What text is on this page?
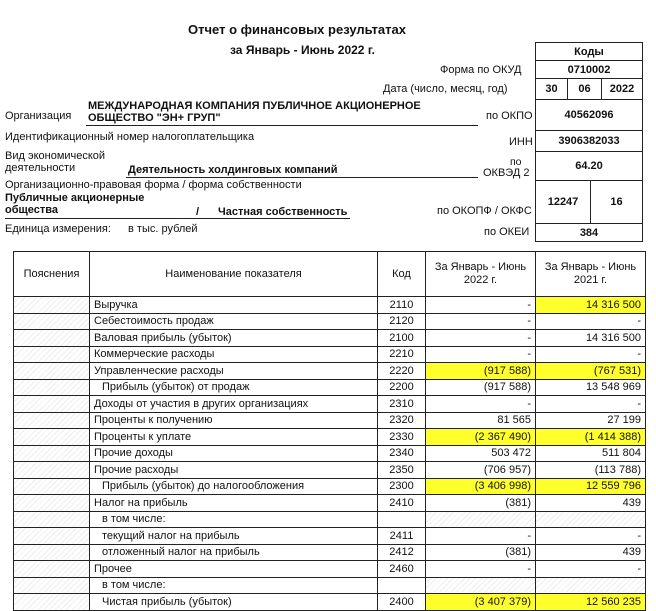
Отчет о финансовых результатах
за Январь - Июнь 2022 г.	Коды
Форма по ОКУД	0710002
Дата (число, месяц, год)	30	06	2022
по ОКПО	40562096
ИНН	3906382033
по
ОКВЭД 2
64.20
по ОКОПФ / ОКФС
12247	16
по ОКЕИ	384
Организация
МЕЖДУНАРОДНАЯ КОМПАНИЯ ПУБЛИЧНОЕ АКЦИОНЕРНОЕ
ОБЩЕСТВО "ЭН+ ГРУП"
Идентификационный номер налогоплательщика
Вид экономической
деятельности	Деятельность холдинговых компаний
Организационно-правовая форма / форма собственности
Публичные акционерные
общества	/ Частная собственность
Единица измерения: в тыс. рублей
Пояснения	Наименование показателя	Код	За Январь - Июнь 2022 г.	За Январь - Июнь 2021 г.
	Выручка	2110	-	14 316 500
	Себестоимость продаж	2120	-	-
	Валовая прибыль (убыток)	2100	-	14 316 500
	Коммерческие расходы	2210	-	-
	Управленческие расходы	2220	(917 588)	(767 531)
	Прибыль (убыток) от продаж	2200	(917 588)	13 548 969
	Доходы от участия в других организациях	2310	-	-
	Проценты к получению	2320	81 565	27 199
	Проценты к уплате	2330	(2 367 490)	(1 414 388)
	Прочие доходы	2340	503 472	511 804
	Прочие расходы	2350	(706 957)	(113 788)
	Прибыль (убыток) до налогообложения	2300	(3 406 998)	12 559 796
	Налог на прибыль	2410	(381)	439
	в том числе:			
	текущий налог на прибыль	2411	-	-
	отложенный налог на прибыль	2412	(381)	439
	Прочее	2460	-	-
	в том числе:			
	Чистая прибыль (убыток)	2400	(3 407 379)	12 560 235
